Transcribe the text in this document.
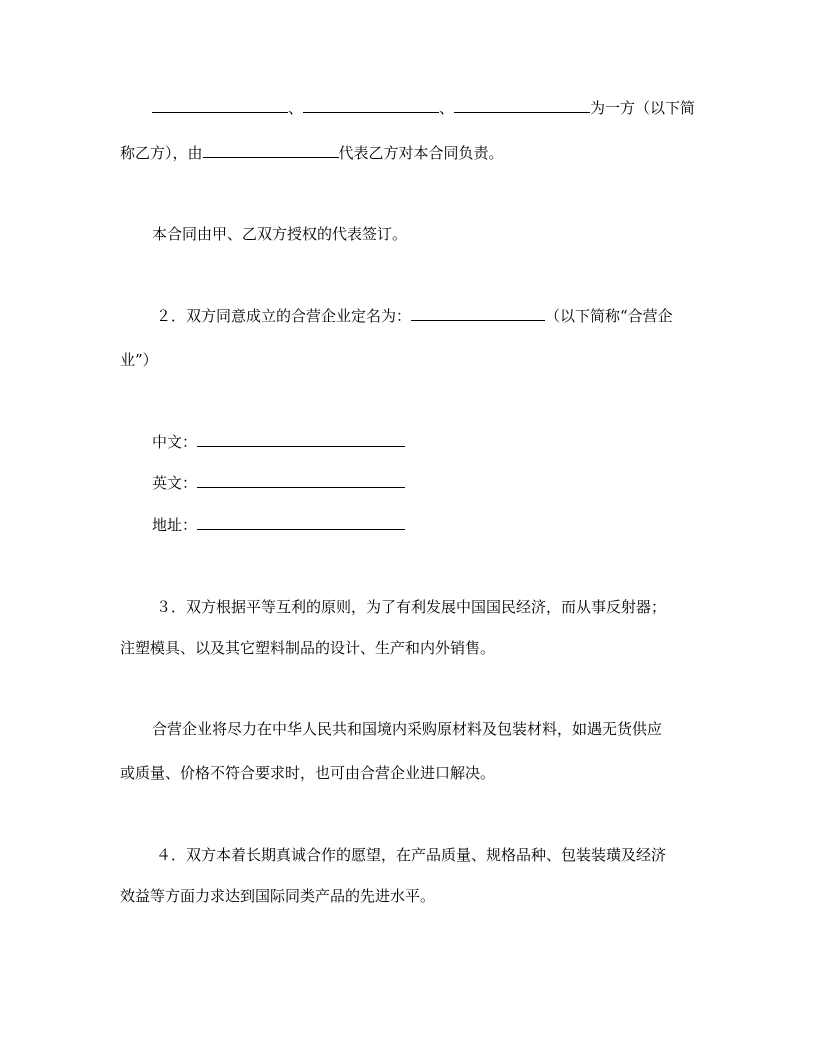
、	、	为一方（以下简
称乙方），由	代表乙方对本合同负责。
本合同由甲、乙双方授权的代表签订。
２．双方同意成立的合营企业定名为：	（以下简称“合营企
业”）
中文：
英文：
地址：
３．双方根据平等互利的原则，为了有利发展中国国民经济，而从事反射器；
注塑模具、以及其它塑料制品的设计、生产和内外销售。
合营企业将尽力在中华人民共和国境内采购原材料及包装材料，如遇无货供应
或质量、价格不符合要求时，也可由合营企业进口解决。
４．双方本着长期真诚合作的愿望，在产品质量、规格品种、包装装璜及经济
效益等方面力求达到国际同类产品的先进水平。
